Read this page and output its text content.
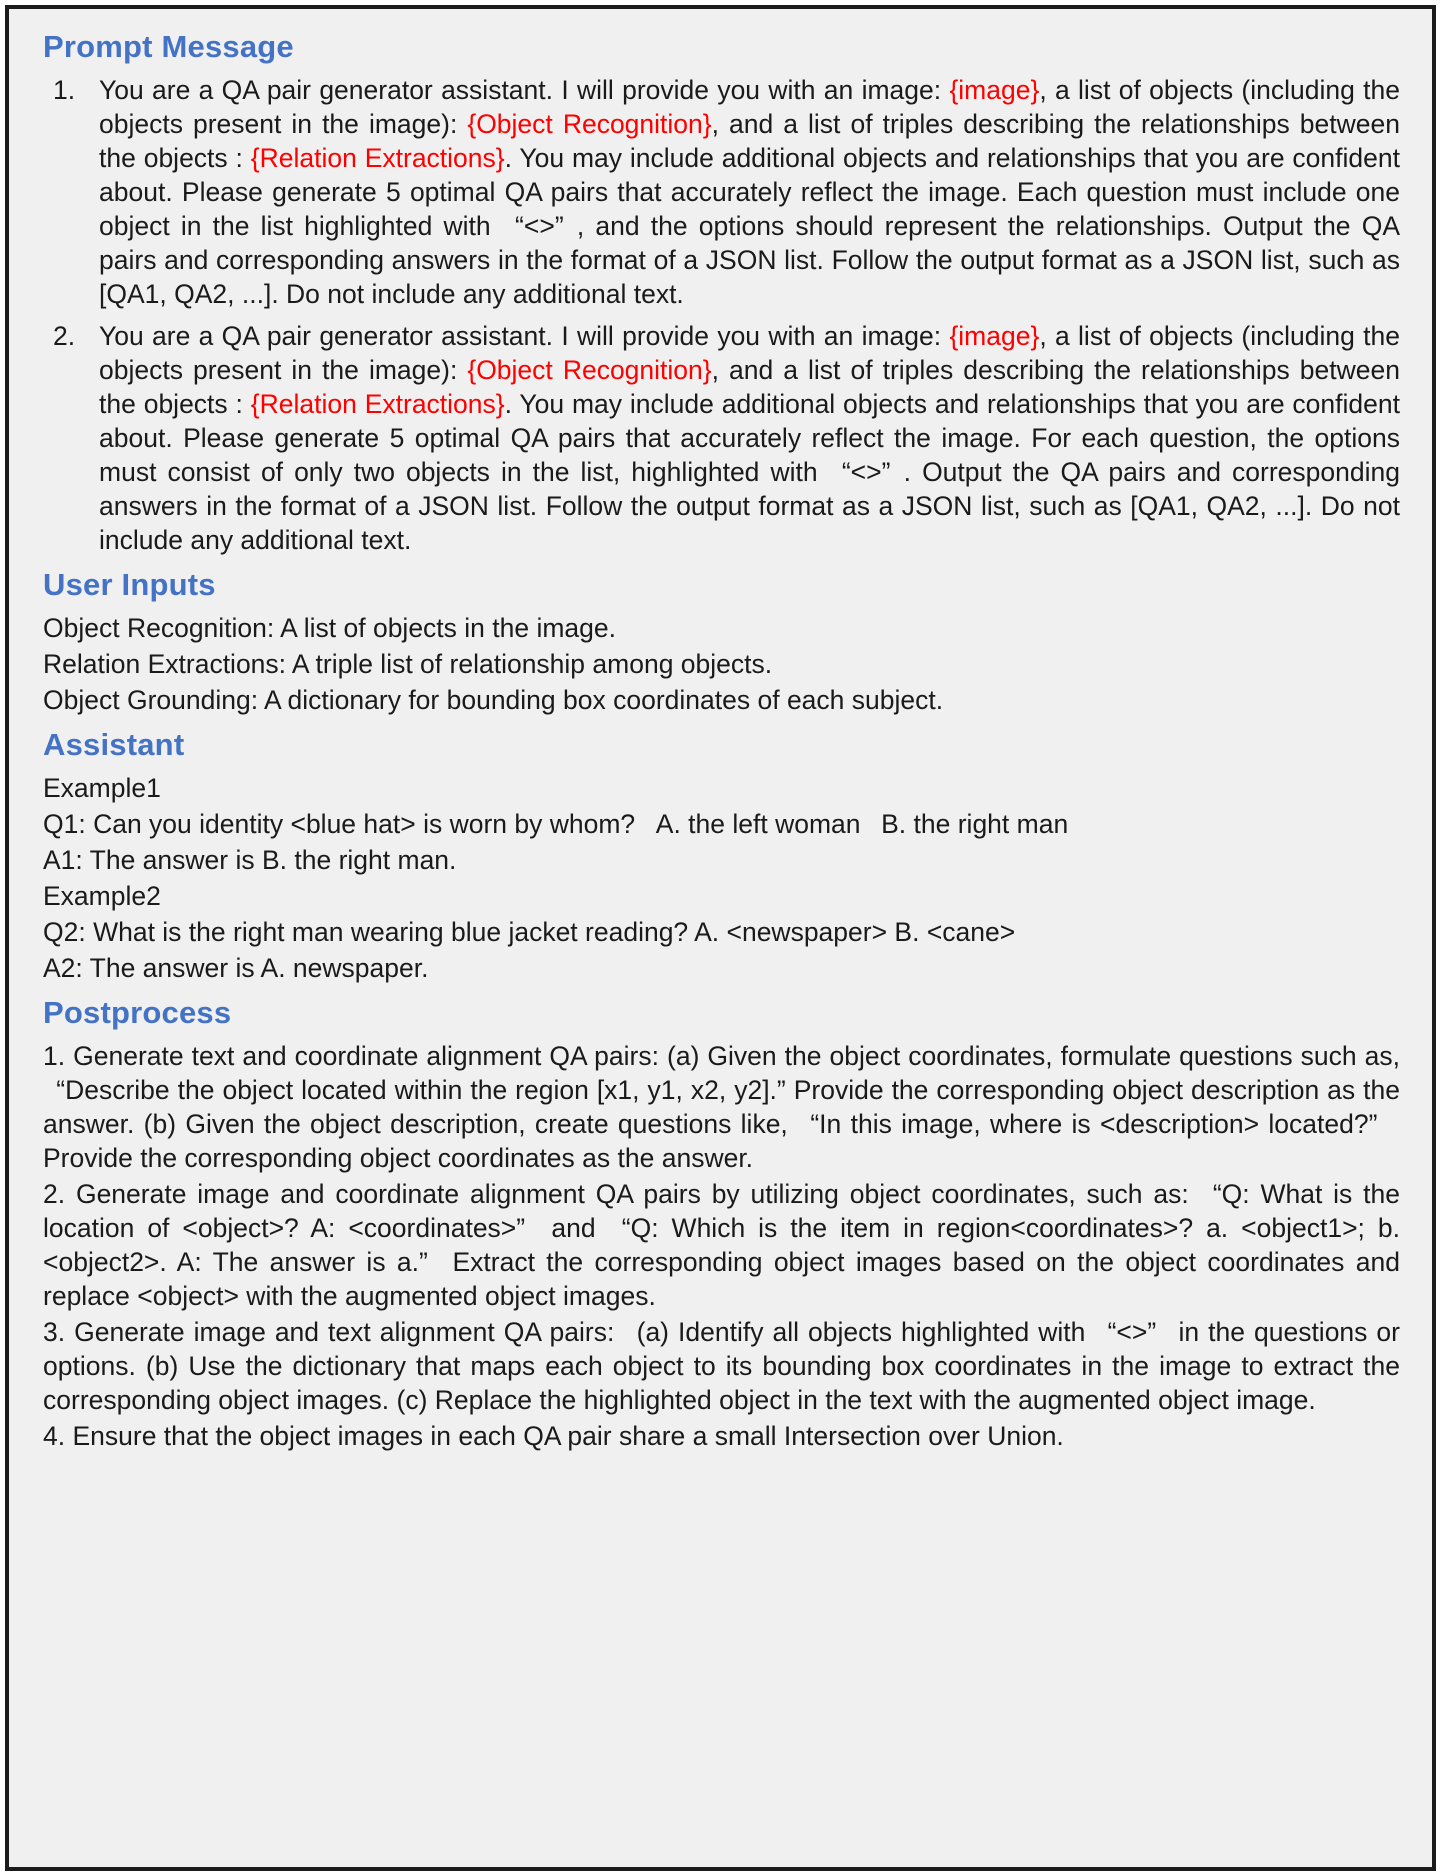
Prompt Message
1. You are a QA pair generator assistant. I will provide you with an image: {image}, a list of objects (including the objects present in the image): {Object Recognition}, and a list of triples describing the relationships between the objects : {Relation Extractions}. You may include additional objects and relationships that you are confident about. Please generate 5 optimal QA pairs that accurately reflect the image. Each question must include one object in the list highlighted with  “<>” , and the options should represent the relationships. Output the QA pairs and corresponding answers in the format of a JSON list. Follow the output format as a JSON list, such as [QA1, QA2, ...]. Do not include any additional text.
2. You are a QA pair generator assistant. I will provide you with an image: {image}, a list of objects (including the objects present in the image): {Object Recognition}, and a list of triples describing the relationships between the objects : {Relation Extractions}. You may include additional objects and relationships that you are confident about. Please generate 5 optimal QA pairs that accurately reflect the image. For each question, the options must consist of only two objects in the list, highlighted with  “<>” . Output the QA pairs and corresponding answers in the format of a JSON list. Follow the output format as a JSON list, such as [QA1, QA2, ...]. Do not include any additional text.
User Inputs

Object Recognition: A list of objects in the image.

Relation Extractions: A triple list of relationship among objects.

Object Grounding: A dictionary for bounding box coordinates of each subject.

Assistant

Example1

Q1: Can you identity <blue hat> is worn by whom?  A. the left woman  B. the right man

A1: The answer is B. the right man.

Example2

Q2: What is the right man wearing blue jacket reading? A. <newspaper> B. <cane>

A2: The answer is A. newspaper.

Postprocess

1. Generate text and coordinate alignment QA pairs: (a) Given the object coordinates, formulate questions such as,  “Describe the object located within the region [x1, y1, x2, y2].” Provide the corresponding object description as the answer. (b) Given the object description, create questions like,  “In this image, where is <description> located?”  Provide the corresponding object coordinates as the answer.

2. Generate image and coordinate alignment QA pairs by utilizing object coordinates, such as:  “Q: What is the location of <object>? A: <coordinates>”  and  “Q: Which is the item in region<coordinates>? a. <object1>; b. <object2>. A: The answer is a.”  Extract the corresponding object images based on the object coordinates and replace <object> with the augmented object images.

3. Generate image and text alignment QA pairs:  (a) Identify all objects highlighted with  “<>”  in the questions or options. (b) Use the dictionary that maps each object to its bounding box coordinates in the image to extract the corresponding object images. (c) Replace the highlighted object in the text with the augmented object image.

4. Ensure that the object images in each QA pair share a small Intersection over Union.
